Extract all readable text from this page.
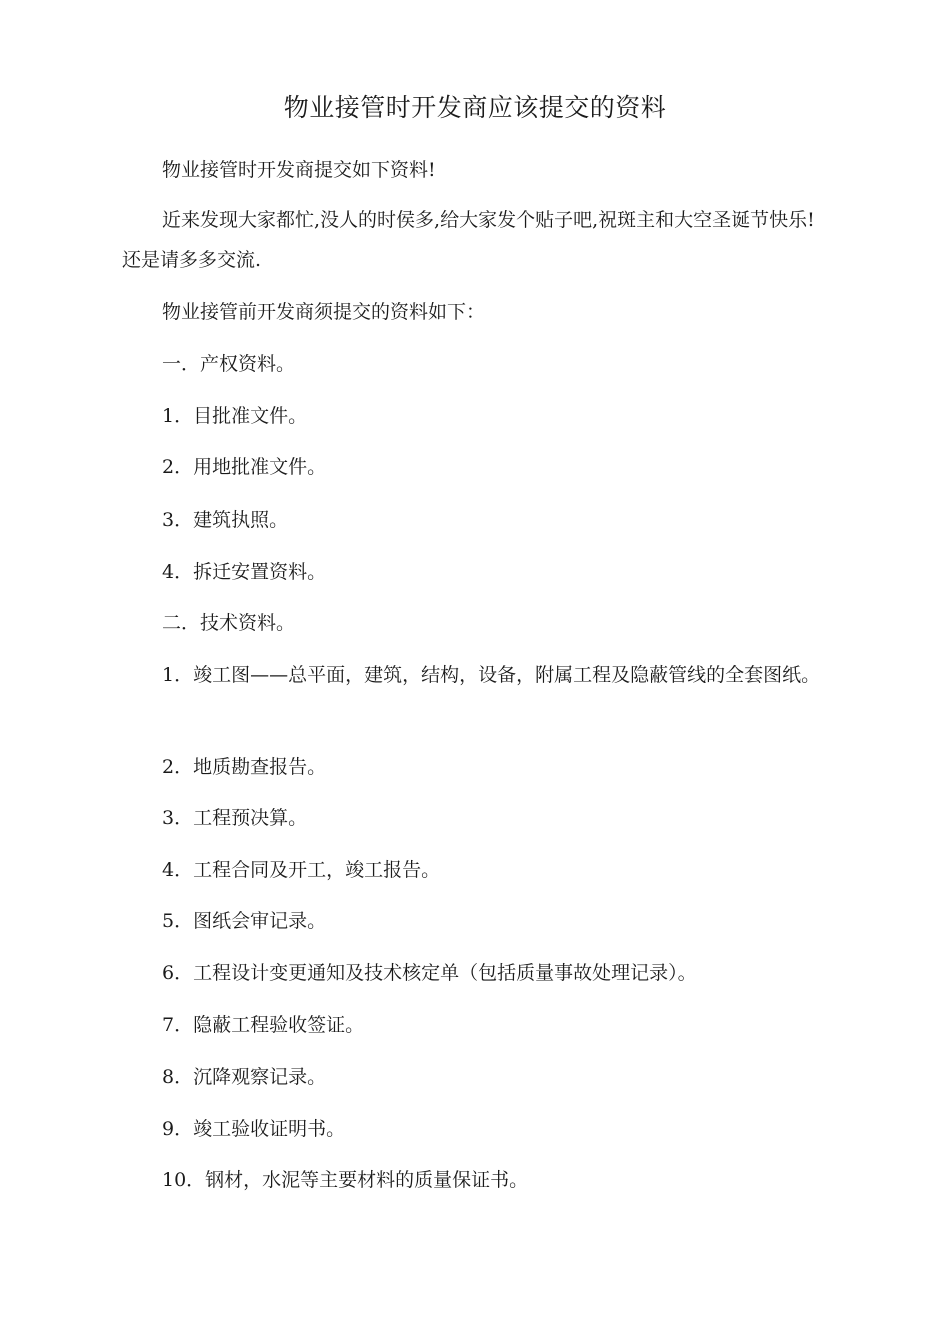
物业接管时开发商应该提交的资料
物业接管时开发商提交如下资料!
近来发现大家都忙,没人的时侯多,给大家发个贴子吧,祝斑主和大空圣诞节快乐!还是请多多交流.
物业接管前开发商须提交的资料如下：
一．产权资料。
1．目批准文件。
2．用地批准文件。
3．建筑执照。
4．拆迁安置资料。
二．技术资料。
1．竣工图——总平面，建筑，结构，设备，附属工程及隐蔽管线的全套图纸。
2．地质勘查报告。
3．工程预决算。
4．工程合同及开工，竣工报告。
5．图纸会审记录。
6．工程设计变更通知及技术核定单（包括质量事故处理记录）。
7．隐蔽工程验收签证。
8．沉降观察记录。
9．竣工验收证明书。
10．钢材，水泥等主要材料的质量保证书。
